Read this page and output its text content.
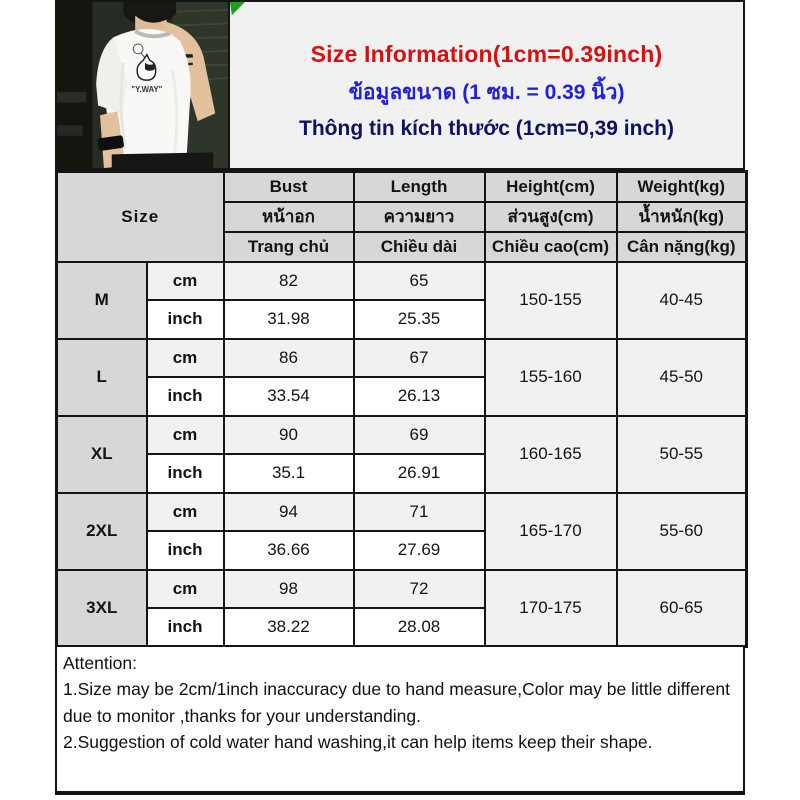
"Y.WAY"
Size Information(1cm=0.39inch)
ข้อมูลขนาด (1 ซม. = 0.39 นิ้ว)
Thông tin kích thước (1cm=0,39 inch)
Size		Bust	Length	Height(cm)	Weight(kg)
		หน้าอก	ความยาว	ส่วนสูง(cm)	น้ำหนัก(kg)
		Trang chủ	Chiều dài	Chiều cao(cm)	Cân nặng(kg)
M	cm	82	65	150-155	40-45
	inch	31.98	25.35		
L	cm	86	67	155-160	45-50
	inch	33.54	26.13		
XL	cm	90	69	160-165	50-55
	inch	35.1	26.91		
2XL	cm	94	71	165-170	55-60
	inch	36.66	27.69		
3XL	cm	98	72	170-175	60-65
	inch	38.22	28.08		
Attention:
1.Size may be 2cm/1inch inaccuracy due to hand measure,Color may be little different due to monitor ,thanks for your understanding.
2.Suggestion of cold water hand washing,it can help items keep their shape.
